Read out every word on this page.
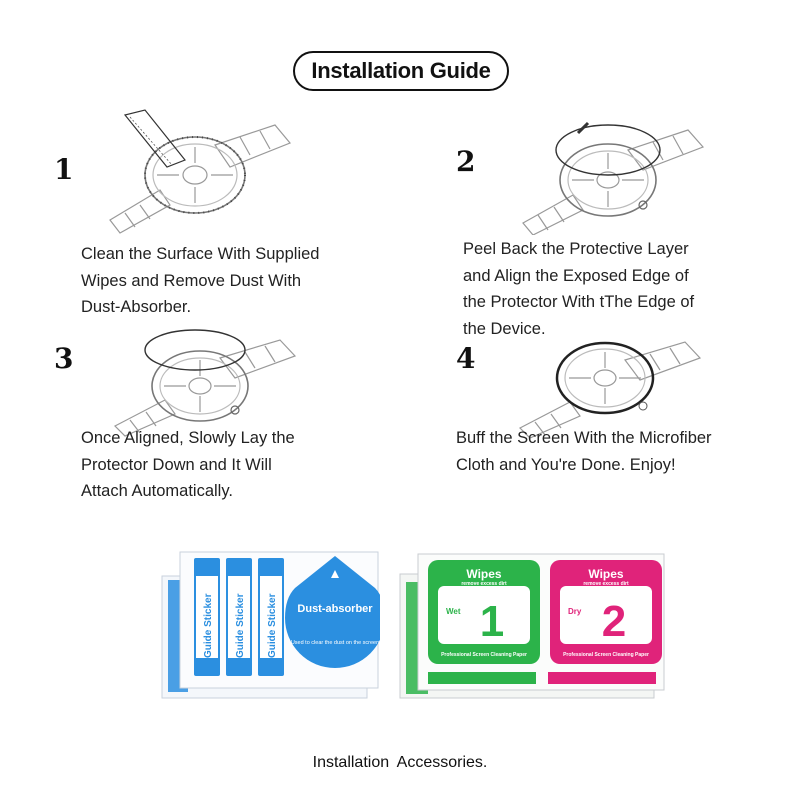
Installation Guide
1	2
3	4
Clean the Surface With Supplied
Wipes and Remove Dust With
Dust-Absorber.
Peel Back the Protective Layer
and Align the Exposed Edge of
the Protector With tThe Edge of
the Device.
Once Aligned, Slowly Lay the
Protector Down and It Will
Attach Automatically.
Buff the Screen With the Microfiber
Cloth and You're Done. Enjoy!
Guide Sticker Guide Sticker Guide Sticker Dust-absorber
Used to clear the dust on the screen
Wipes
remove excess dirt
Wet 1
Professional Screen Cleaning Paper
Wipes
remove excess dirt
Dry 2
Professional Screen Cleaning Paper
Installation Accessories.
